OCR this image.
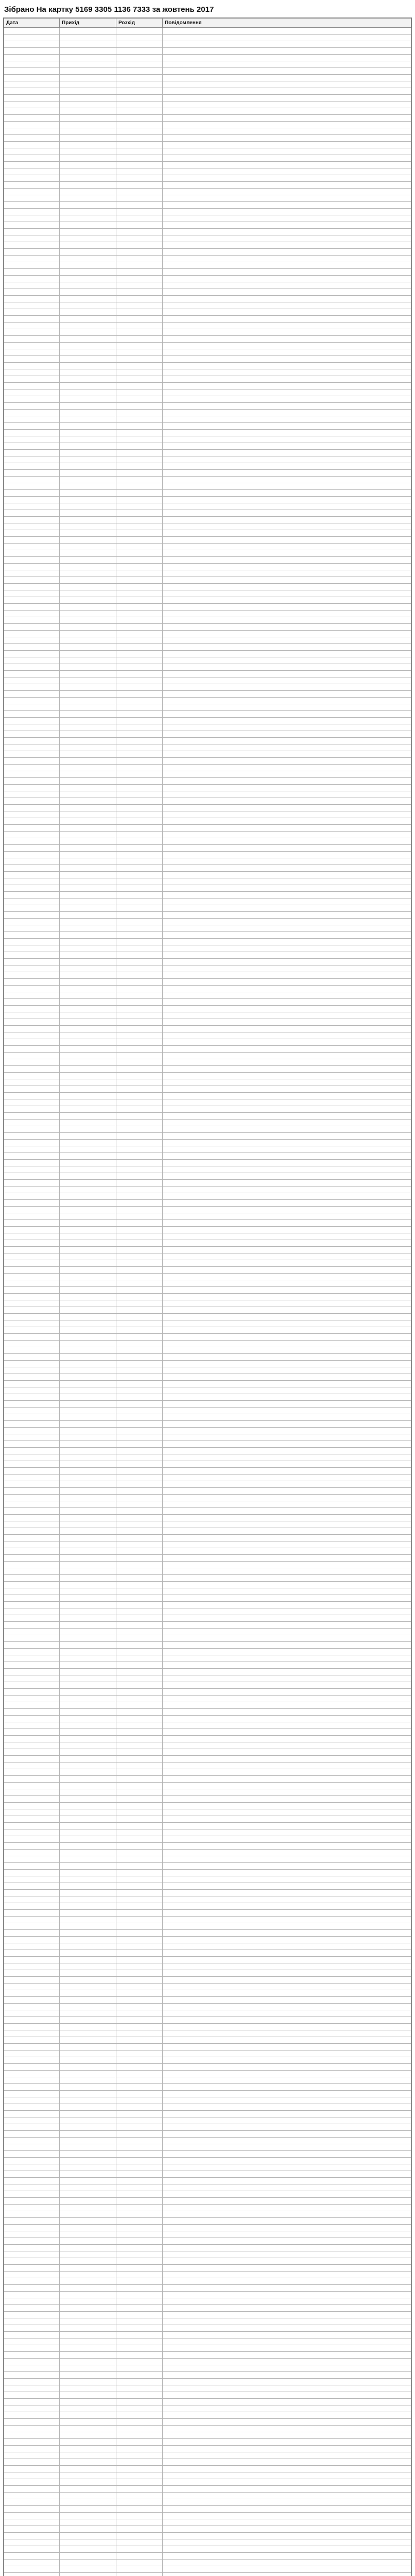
Зібрано На картку 5169 3305 1136 7333 за жовтень 2017
Дата	Прихід	Розхід	Повідомлення
